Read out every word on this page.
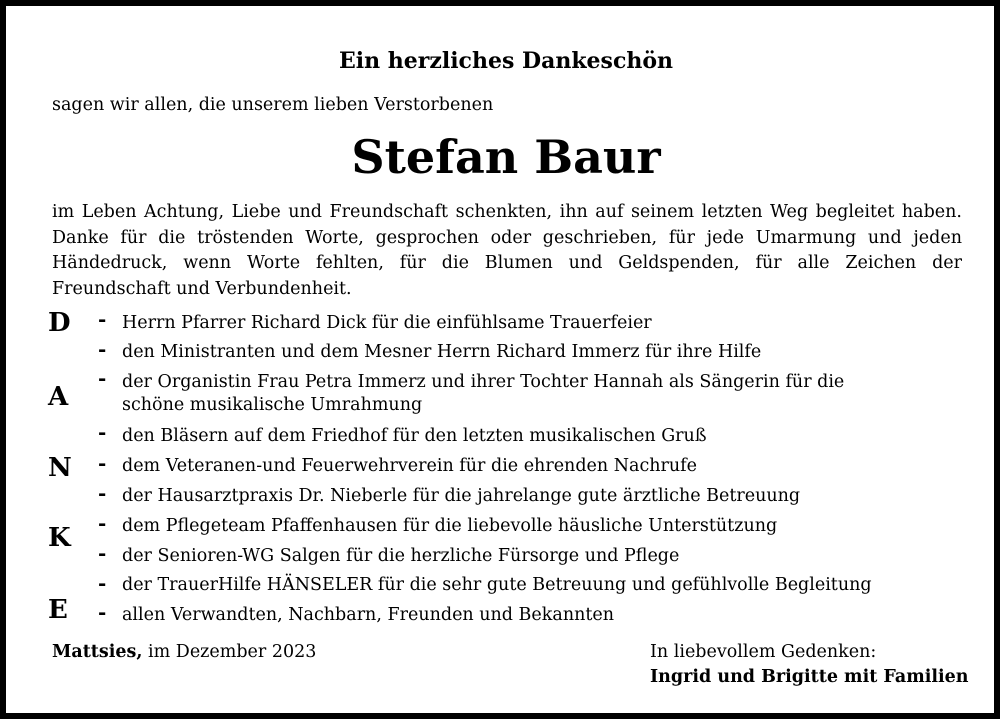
Ein herzliches Dankeschön
sagen wir allen, die unserem lieben Verstorbenen
Stefan Baur

im Leben Achtung, Liebe und Freundschaft schenkten, ihn auf seinem letzten Weg begleitet haben. Danke für die tröstenden Worte, gesprochen oder geschrieben, für jede Umarmung und jeden Händedruck, wenn Worte fehlten, für die Blumen und Geldspenden, für alle Zeichen der Freundschaft und Verbundenheit.

D
A
N
K
E
-
-
-
-
-
-
-
-
-
-
Herrn Pfarrer Richard Dick für die einfühlsame Trauerfeier
den Ministranten und dem Mesner Herrn Richard Immerz für ihre Hilfe
der Organistin Frau Petra Immerz und ihrer Tochter Hannah als Sängerin für die
schöne musikalische Umrahmung
den Bläsern auf dem Friedhof für den letzten musikalischen Gruß
dem Veteranen-und Feuerwehrverein für die ehrenden Nachrufe
der Hausarztpraxis Dr. Nieberle für die jahrelange gute ärztliche Betreuung
dem Pflegeteam Pfaffenhausen für die liebevolle häusliche Unterstützung
der Senioren-WG Salgen für die herzliche Fürsorge und Pflege
der TrauerHilfe HÄNSELER für die sehr gute Betreuung und gefühlvolle Begleitung
allen Verwandten, Nachbarn, Freunden und Bekannten
Mattsies, im Dezember 2023	In liebevollem Gedenken:
Ingrid und Brigitte mit Familien
